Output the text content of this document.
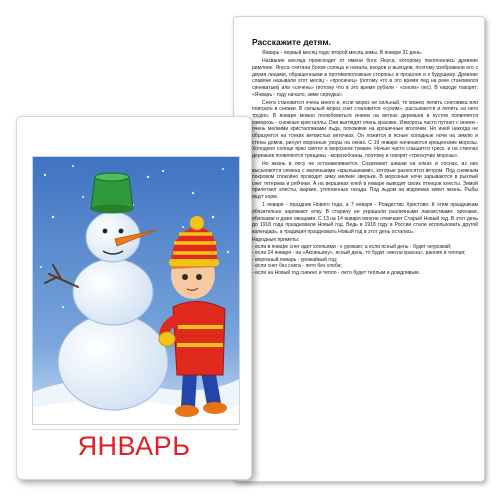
Расскажите детям.

Январь - первый месяц года; второй месяц зимы. В январе 31 день.

Название месяца происходит от имени бога Януса, которому поклонялись древние римляне. Януса считали богом солнца и начала, входов и выходов, поэтому изображали его с двумя лицами, обращенными в противоположные стороны: в прошлое и к будущему. Древние славяне называли этот месяц - «просинец» (потому что в это время лед на реке становился синеватым) или «сечень» (потому что в это время рубили - «секли» лес). В народе говорят: «Январь - году начало, зиме середка».

Снега становится очень много и, если мороз не сильный, то можно лепить снеговика или поиграть в снежки. В сильный мороз снег становится «сухим», рассыпается и лепить на него трудно. В январе можно полюбоваться инеем на ветках деревьев и кустов появляется изморозь - снежные кристаллы. Они выглядят очень красиво. Изморозь часто путают с инеем - очень мелкими кристалликами льда, похожими на крошечные иголочки. Но иней никогда не образуется на тонких ветвистых веточках. Он ложится в ясные холодные ночи на землю и стены домов, рисует морозные узоры на окнах. С 19 января начинаются крещенские морозы. Холодное солнце ярко светит в морозном тумане. Ночью часто слышится треск, и на стволах деревьев появляются трещины - морозобоины, поэтому и говорят «трескучие морозы».

Но жизнь в лесу не останавливается. Созревают шишки на елках и соснах, из них высыпаются семена с маленькими «крылышками», которые разносятся ветром. Под снежным покровом спокойно проводят зиму мелкие зверьки. В морозные ночи зарываются в рыхлый снег тетерева и рябчики. А на вершинах елей в январе выводят своих птенцов клесты. Зимой прилетают клесты, жаркие, утепленные гнезда. Под льдом на водоемах кипит жизнь. Рыбы ищут корм.

1 января - праздник Нового года, а 7 января - Рождество Христово. К этим праздникам обязательно наряжают елку. В старину ее украшали различными лакомствами: орехами, яблоками и даже овощами. С 13 на 14 января многие отмечают Старый Новый год. В этот день до 1918 года праздновали Новый год. Ведь в 1918 году в России стали использовать другой календарь, а традиция праздновать Новый год в этот день осталась.

Народные приметы:
- если в январе снег идет хлопьями - к урожаю; а если ясный день - будет неурожай;
- если 24 января - на «Аксиньину», ясный день, то будет «весна красна», ранняя и теплая;
- морозный январь - урожайный год;
- если снег без снега - лето без хлеба;
- если на Новый год снежно и тепло - лето будет теплым и дождливым.
ЯНВАРЬ
